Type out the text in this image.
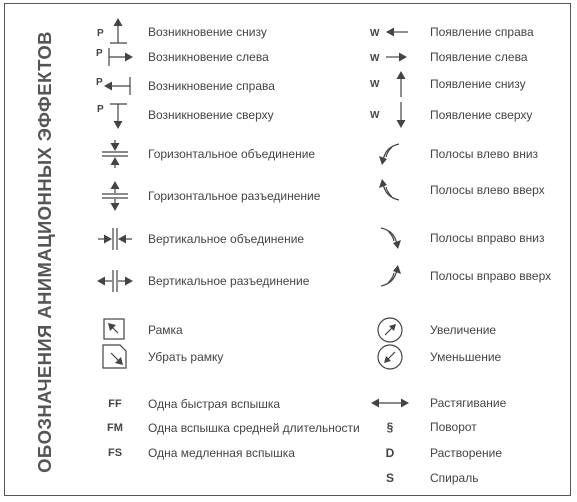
ОБОЗНАЧЕНИЯ АНИМАЦИОННЫХ ЭФФЕКТОВ	P	Возникновение снизу
P	Возникновение слева
P	Возникновение справа
P	Возникновение сверху
Горизонтальное объединение
Горизонтальное разъединение
Вертикальное объединение
Вертикальное разъединение
Рамка
Убрать рамку
FF Одна быстрая вспышка
FM Одна вспышка средней длительности
FS Одна медленная вспышка
W	Появление справа
W	Появление слева
W	Появление снизу
W	Появление сверху
Полосы влево вниз
Полосы влево вверх
Полосы вправо вниз
Полосы вправо вверх
Увеличение
Уменьшение
Растягивание
§	Поворот
D	Растворение
S	Спираль
